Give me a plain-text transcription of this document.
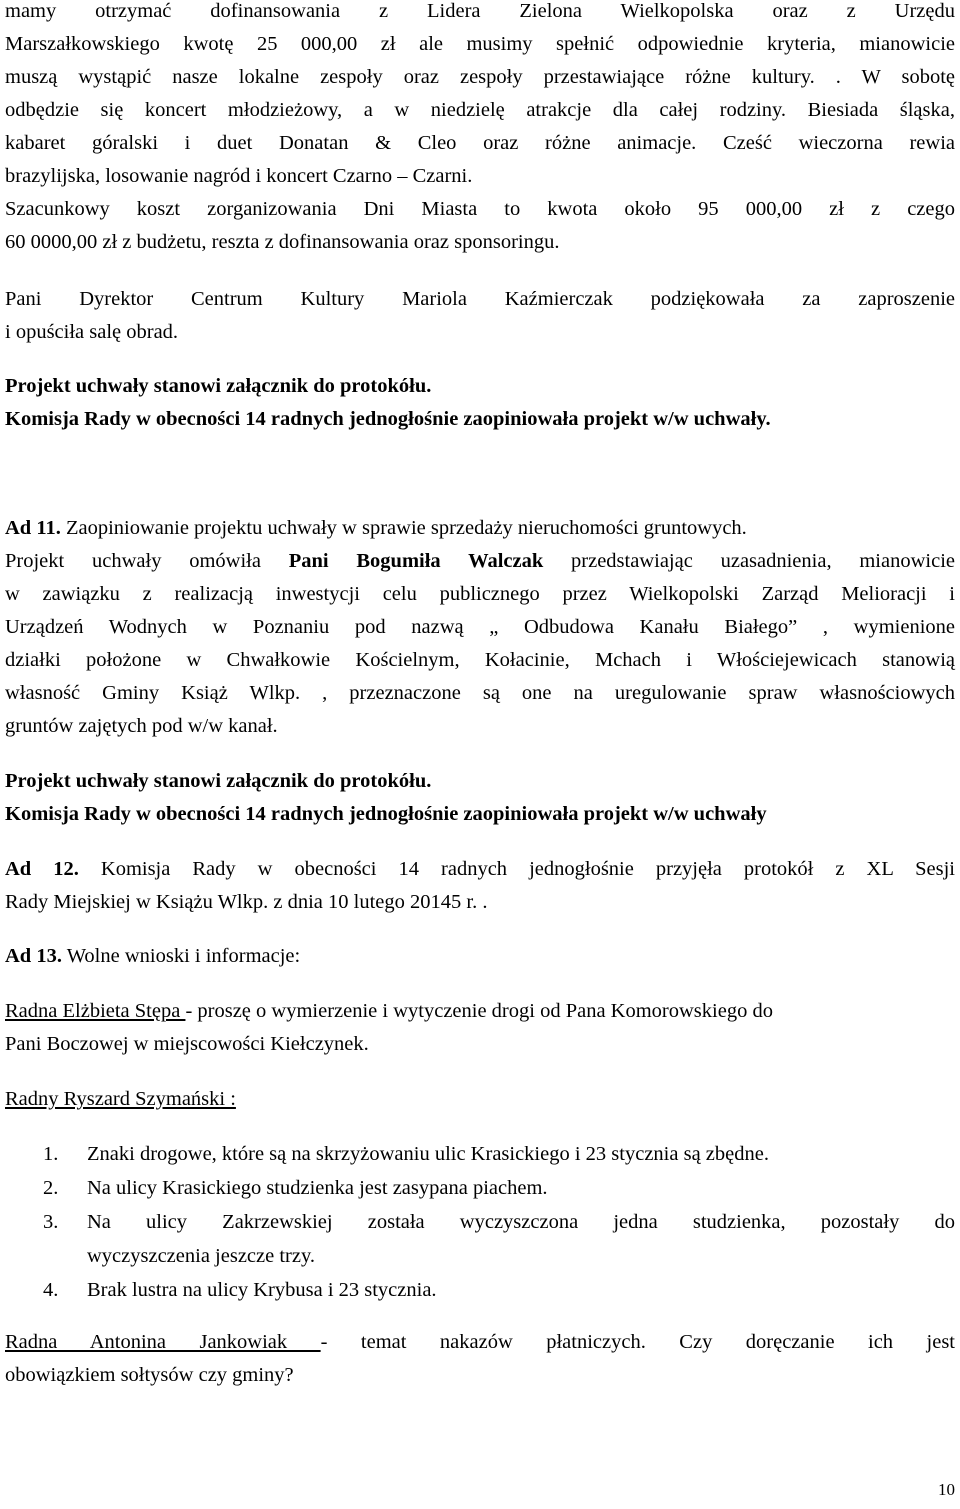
mamy otrzymać dofinansowania z Lidera Zielona Wielkopolska oraz z Urzędu
Marszałkowskiego kwotę 25 000,00 zł ale musimy spełnić odpowiednie kryteria, mianowicie
muszą wystąpić nasze lokalne zespoły oraz zespoły przestawiające różne kultury. . W sobotę
odbędzie się koncert młodzieżowy, a w niedzielę atrakcje dla całej rodziny. Biesiada śląska,
kabaret góralski i duet Donatan & Cleo oraz różne animacje. Cześć wieczorna rewia
brazylijska, losowanie nagród i koncert Czarno – Czarni.
Szacunkowy koszt zorganizowania Dni Miasta to kwota około 95 000,00 zł z czego
60 0000,00 zł z budżetu, reszta z dofinansowania oraz sponsoringu.
Pani Dyrektor Centrum Kultury Mariola Kaźmierczak podziękowała za zaproszenie
i opuściła salę obrad.
Projekt uchwały stanowi załącznik do protokółu.
Komisja Rady w obecności 14 radnych jednogłośnie zaopiniowała projekt w/w uchwały.
Ad 11. Zaopiniowanie projektu uchwały w sprawie sprzedaży nieruchomości gruntowych.
Projekt uchwały omówiła Pani Bogumiła Walczak przedstawiając uzasadnienia, mianowicie
w zawiązku z realizacją inwestycji celu publicznego przez Wielkopolski Zarząd Melioracji i
Urządzeń Wodnych w Poznaniu pod nazwą „ Odbudowa Kanału Białego” , wymienione
działki położone w Chwałkowie Kościelnym, Kołacinie, Mchach i Włościejewicach stanowią
własność Gminy Książ Wlkp. , przeznaczone są one na uregulowanie spraw własnościowych
gruntów zajętych pod w/w kanał.
Projekt uchwały stanowi załącznik do protokółu.
Komisja Rady w obecności 14 radnych jednogłośnie zaopiniowała projekt w/w uchwały
Ad 12. Komisja Rady w obecności 14 radnych jednogłośnie przyjęła protokół z XL Sesji
Rady Miejskiej w Książu Wlkp. z dnia 10 lutego 20145 r. .
Ad 13. Wolne wnioski i informacje:
Radna Elżbieta Stępa - proszę o wymierzenie i wytyczenie drogi od Pana Komorowskiego do
Pani Boczowej w miejscowości Kiełczynek.
Radny Ryszard Szymański :
1.	Znaki drogowe, które są na skrzyżowaniu ulic Krasickiego i 23 stycznia są zbędne.
2.	Na ulicy Krasickiego studzienka jest zasypana piachem.
3.	Na ulicy Zakrzewskiej została wyczyszczona jedna studzienka, pozostały do
wyczyszczenia jeszcze trzy.
4.	Brak lustra na ulicy Krybusa i 23 stycznia.
Radna Antonina Jankowiak - temat nakazów płatniczych. Czy doręczanie ich jest
obowiązkiem sołtysów czy gminy?
10
